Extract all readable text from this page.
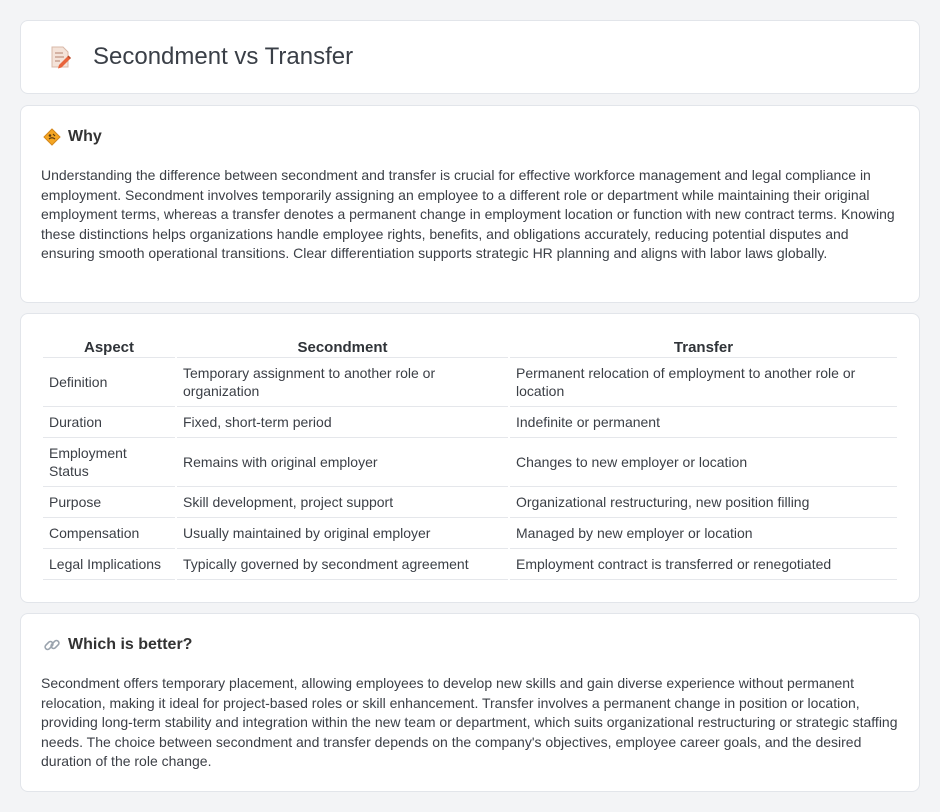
Secondment vs Transfer
Why

Understanding the difference between secondment and transfer is crucial for effective workforce management and legal compliance in employment. Secondment involves temporarily assigning an employee to a different role or department while maintaining their original employment terms, whereas a transfer denotes a permanent change in employment location or function with new contract terms. Knowing these distinctions helps organizations handle employee rights, benefits, and obligations accurately, reducing potential disputes and ensuring smooth operational transitions. Clear differentiation supports strategic HR planning and aligns with labor laws globally.

Aspect	Secondment	Transfer
Definition	Temporary assignment to another role or organization	Permanent relocation of employment to another role or location
Duration	Fixed, short-term period	Indefinite or permanent
Employment Status	Remains with original employer	Changes to new employer or location
Purpose	Skill development, project support	Organizational restructuring, new position filling
Compensation	Usually maintained by original employer	Managed by new employer or location
Legal Implications	Typically governed by secondment agreement	Employment contract is transferred or renegotiated
Which is better?

Secondment offers temporary placement, allowing employees to develop new skills and gain diverse experience without permanent relocation, making it ideal for project-based roles or skill enhancement. Transfer involves a permanent change in position or location, providing long-term stability and integration within the new team or department, which suits organizational restructuring or strategic staffing needs. The choice between secondment and transfer depends on the company's objectives, employee career goals, and the desired duration of the role change.
